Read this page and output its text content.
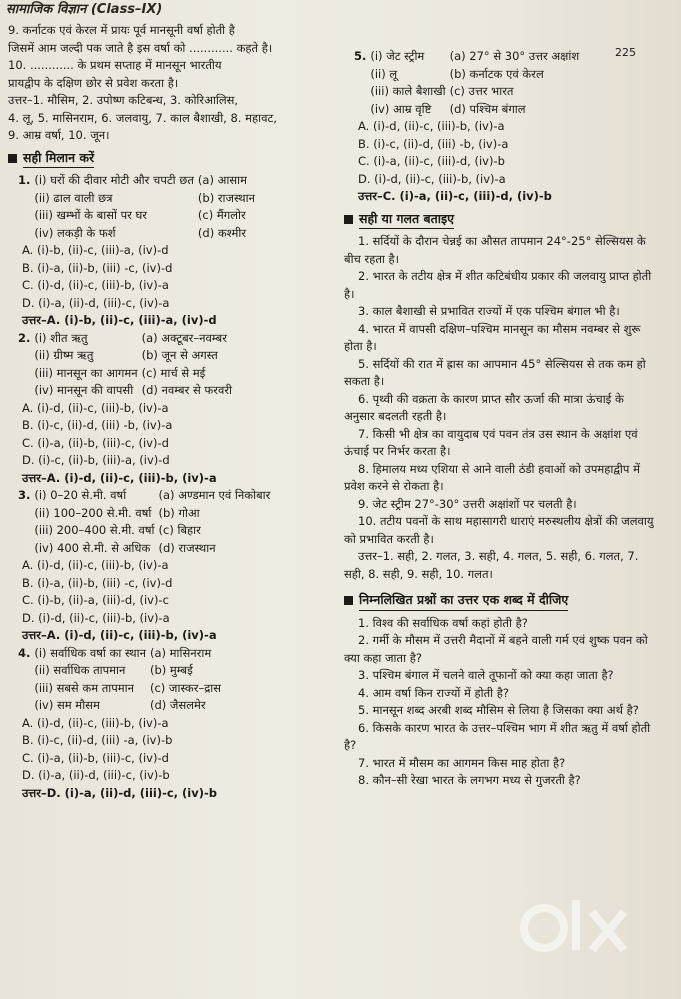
सामाजिक विज्ञान (Class–IX)
225

9. कर्नाटक एवं केरल में प्रायः पूर्व मानसूनी वर्षा होती है

जिसमें आम जल्दी पक जाते है इस वर्षा को ............ कहते है।

10. ............ के प्रथम सप्ताह में मानसून भारतीय

प्रायद्वीप के दक्षिण छोर से प्रवेश करता है।

उत्तर–1. मौसिम, 2. उपोष्ण कटिबन्ध, 3. कोरिआलिस,

4. लू, 5. मासिनराम, 6. जलवायु, 7. काल बैशाखी, 8. महावट,

9. आम्र वर्षा, 10. जून।

सही मिलान करें
1.	(i) घरों की दीवार मोटी और चपटी छत	(a) आसाम
	(ii) ढाल वाली छत्र	(b) राजस्थान
	(iii) खम्भों के बासों पर घर	(c) मैंगलोर
	(iv) लकड़ी के फर्श	(d) कश्मीर

A. (i)-b, (ii)-c, (iii)-a, (iv)-d

B. (i)-a, (ii)-b, (iii) -c, (iv)-d

C. (i)-d, (ii)-c, (iii)-b, (iv)-a

D. (i)-a, (ii)-d, (iii)-c, (iv)-a

उत्तर–A. (i)-b, (ii)-c, (iii)-a, (iv)-d

2.	(i) शीत ऋतु	(a) अक्टूबर–नवम्बर
	(ii) ग्रीष्म ऋतु	(b) जून से अगस्त
	(iii) मानसून का आगमन	(c) मार्च से मई
	(iv) मानसून की वापसी	(d) नवम्बर से फरवरी

A. (i)-d, (ii)-c, (iii)-b, (iv)-a

B. (i)-c, (ii)-d, (iii) -b, (iv)-a

C. (i)-a, (ii)-b, (iii)-c, (iv)-d

D. (i)-c, (ii)-b, (iii)-a, (iv)-d

उत्तर–A. (i)-d, (ii)-c, (iii)-b, (iv)-a

3.	(i) 0–20 से.मी. वर्षा	(a) अण्डमान एवं निकोबार
	(ii) 100–200 से.मी. वर्षा	(b) गोआ
	(iii) 200–400 से.मी. वर्षा	(c) बिहार
	(iv) 400 से.मी. से अधिक	(d) राजस्थान

A. (i)-d, (ii)-c, (iii)-b, (iv)-a

B. (i)-a, (ii)-b, (iii) -c, (iv)-d

C. (i)-b, (ii)-a, (iii)-d, (iv)-c

D. (i)-d, (ii)-c, (iii)-b, (iv)-a

उत्तर–A. (i)-d, (ii)-c, (iii)-b, (iv)-a

4.	(i) सर्वाधिक वर्षा का स्थान	(a) मासिनराम
	(ii) सर्वाधिक तापमान	(b) मुम्बई
	(iii) सबसे कम तापमान	(c) जास्कर–द्रास
	(iv) सम मौसम	(d) जैसलमेर

A. (i)-d, (ii)-c, (iii)-b, (iv)-a

B. (i)-c, (ii)-d, (iii) -a, (iv)-b

C. (i)-a, (ii)-b, (iii)-c, (iv)-d

D. (i)-a, (ii)-d, (iii)-c, (iv)-b

उत्तर–D. (i)-a, (ii)-d, (iii)-c, (iv)-b

5.	(i) जेट स्ट्रीम	(a) 27° से 30° उत्तर अक्षांश
	(ii) लू	(b) कर्नाटक एवं केरल
	(iii) काले बैशाखी	(c) उत्तर भारत
	(iv) आम्र वृष्टि	(d) पश्चिम बंगाल

A. (i)-d, (ii)-c, (iii)-b, (iv)-a

B. (i)-c, (ii)-d, (iii) -b, (iv)-a

C. (i)-a, (ii)-c, (iii)-d, (iv)-b

D. (i)-d, (ii)-c, (iii)-b, (iv)-a

उत्तर–C. (i)-a, (ii)-c, (iii)-d, (iv)-b

सही या गलत बताइए

1. सर्दियों के दौरान चेन्नई का औसत तापमान 24°-25° सेल्सियस के बीच रहता है।

2. भारत के तटीय क्षेत्र में शीत कटिबंधीय प्रकार की जलवायु प्राप्त होती है।

3. काल बैशाखी से प्रभावित राज्यों में एक पश्चिम बंगाल भी है।

4. भारत में वापसी दक्षिण–पश्चिम मानसून का मौसम नवम्बर से शुरू होता है।

5. सर्दियों की रात में ह्रास का आपमान 45° सेल्सियस से तक कम हो सकता है।

6. पृथ्वी की वक्रता के कारण प्राप्त सौर ऊर्जा की मात्रा ऊंचाई के अनुसार बदलती रहती है।

7. किसी भी क्षेत्र का वायुदाब एवं पवन तंत्र उस स्थान के अक्षांश एवं ऊंचाई पर निर्भर करता है।

8. हिमालय मध्य एशिया से आने वाली ठंडी हवाओं को उपमहाद्वीप में प्रवेश करने से रोकता है।

9. जेट स्ट्रीम 27°-30° उत्तरी अक्षांशों पर चलती है।

10. तटीय पवनों के साथ महासागरी धाराएं मरुस्थलीय क्षेत्रों की जलवायु को प्रभावित करती है।

उत्तर–1. सही, 2. गलत, 3. सही, 4. गलत, 5. सही, 6. गलत, 7. सही, 8. सही, 9. सही, 10. गलत।

निम्नलिखित प्रश्नों का उत्तर एक शब्द में दीजिए

1. विश्व की सर्वाधिक वर्षा कहां होती है?

2. गर्मी के मौसम में उत्तरी मैदानों में बहने वाली गर्म एवं शुष्क पवन को क्या कहा जाता है?

3. पश्चिम बंगाल में चलने वाले तूफानों को क्या कहा जाता है?

4. आम वर्षा किन राज्यों में होती है?

5. मानसून शब्द अरबी शब्द मौसिम से लिया है जिसका क्या अर्थ है?

6. किसके कारण भारत के उत्तर–पश्चिम भाग में शीत ऋतु में वर्षा होती है?

7. भारत में मौसम का आगमन किस माह होता है?

8. कौन–सी रेखा भारत के लगभग मध्य से गुजरती है?
